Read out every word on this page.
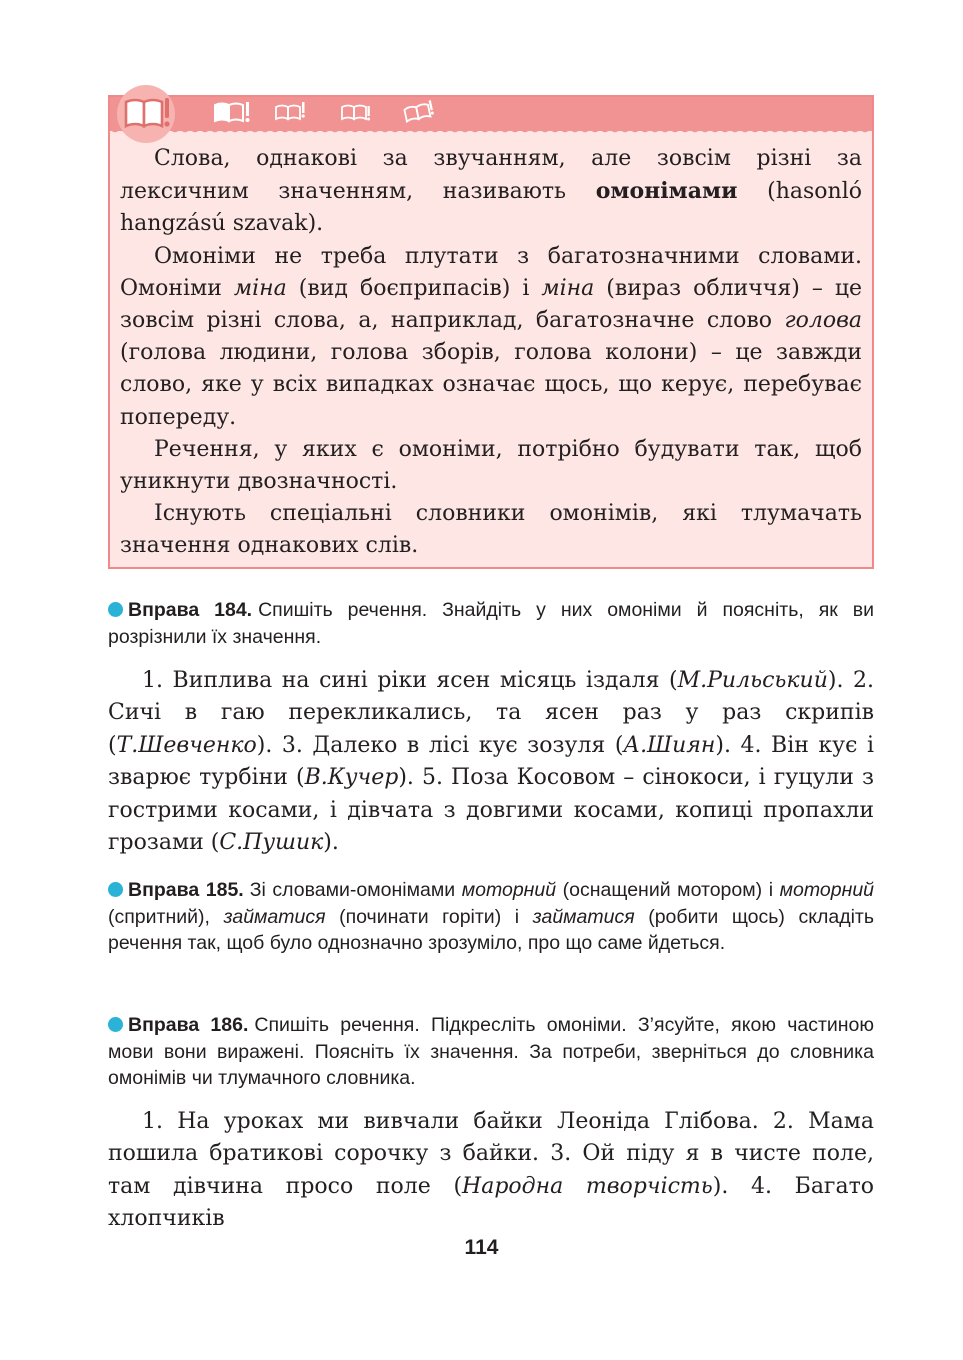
Слова, однакові за звучанням, але зовсім різні за лексичним значенням, називають омонімами (hasonló hangzású szavak).

Омоніми не треба плутати з багатозначними словами. Омоніми міна (вид боєприпасів) і міна (вираз обличчя) – це зовсім різні слова, а, наприклад, багатозначне слово голова (голова людини, голова зборів, голова колони) – це завжди слово, яке у всіх випадках означає щось, що керує, перебуває попереду.

Речення, у яких є омоніми, потрібно будувати так, щоб уникнути двозначності.

Існують спеціальні словники омонімів, які тлумачать значення однакових слів.

Вправа 184. Спишіть речення. Знайдіть у них омоніми й поясніть, як ви розрізнили їх значення.
1. Виплива на сині ріки ясен місяць іздаля (М.Рильський). 2. Сичі в гаю перекликались, та ясен раз у раз скрипів (Т.Шевченко). 3. Далеко в лісі кує зозуля (А.Шиян). 4. Він кує і зварює турбіни (В.Кучер). 5. Поза Косовом – сінокоси, і гуцули з гострими косами, і дівчата з довгими косами, копиці пропахли грозами (С.Пушик).
Вправа 185. Зі словами-омонімами моторний (оснащений мотором) і моторний (спритний), займатися (починати горіти) і займатися (робити щось) складіть речення так, щоб було однозначно зрозуміло, про що саме йдеться.
Вправа 186. Спишіть речення. Підкресліть омоніми. З’ясуйте, якою частиною мови вони виражені. Поясніть їх значення. За потреби, зверніться до словника омонімів чи тлумачного словника.
1. На уроках ми вивчали байки Леоніда Глібова. 2. Мама пошила братикові сорочку з байки. 3. Ой піду я в чисте поле, там дівчина просо поле (Народна творчість). 4. Багато хлопчиків
114
